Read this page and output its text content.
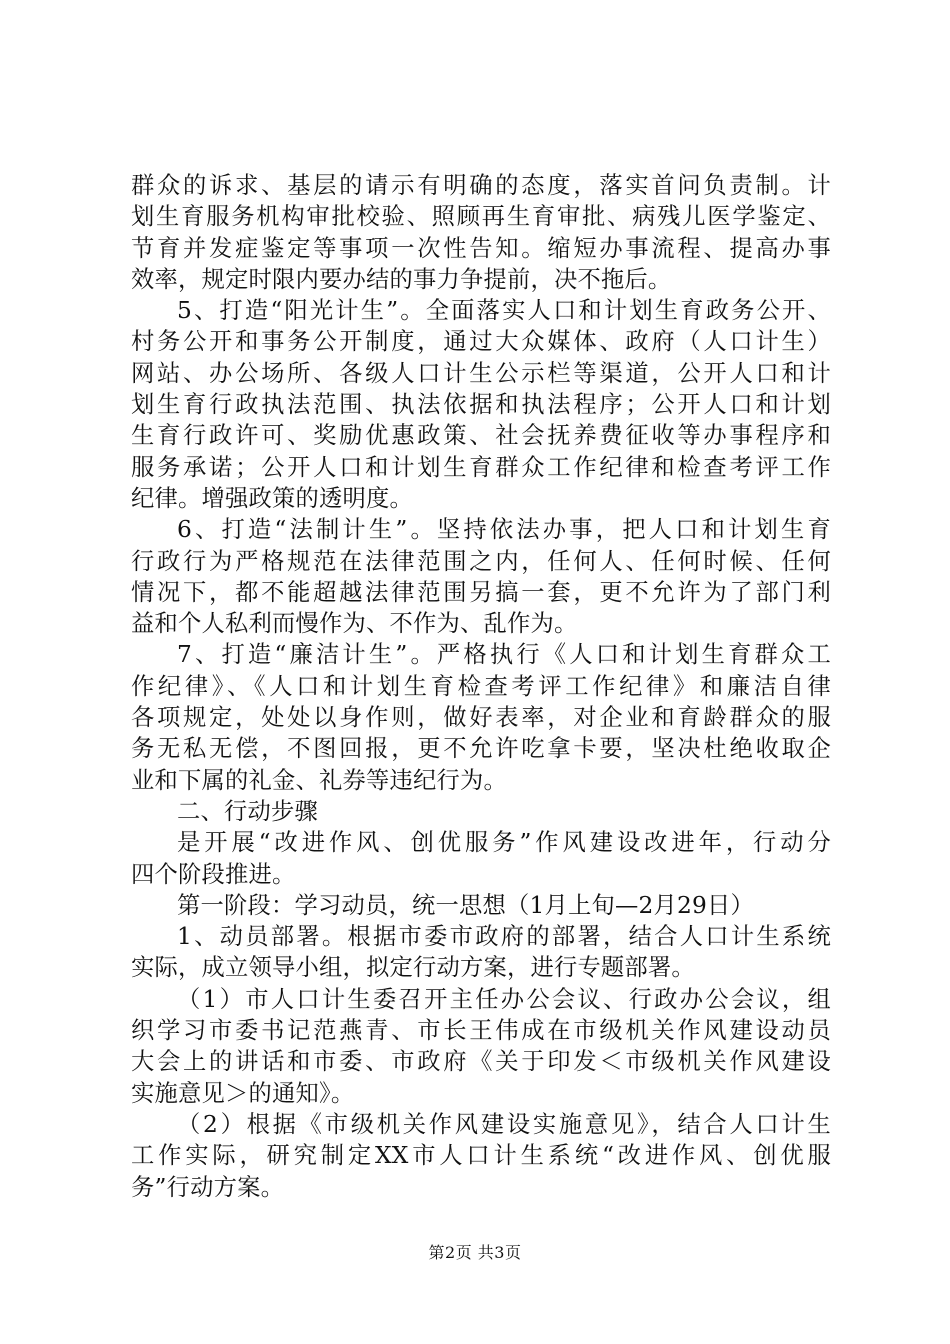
群众的诉求、基层的请示有明确的态度，落实首问负责制。计
划生育服务机构审批校验、照顾再生育审批、病残儿医学鉴定、
节育并发症鉴定等事项一次性告知。缩短办事流程、提高办事
效率，规定时限内要办结的事力争提前，决不拖后。
5、打造“阳光计生”。全面落实人口和计划生育政务公开、
村务公开和事务公开制度，通过大众媒体、政府（人口计生）
网站、办公场所、各级人口计生公示栏等渠道，公开人口和计
划生育行政执法范围、执法依据和执法程序；公开人口和计划
生育行政许可、奖励优惠政策、社会抚养费征收等办事程序和
服务承诺；公开人口和计划生育群众工作纪律和检查考评工作
纪律。增强政策的透明度。
6、打造“法制计生”。坚持依法办事，把人口和计划生育
行政行为严格规范在法律范围之内，任何人、任何时候、任何
情况下，都不能超越法律范围另搞一套，更不允许为了部门利
益和个人私利而慢作为、不作为、乱作为。
7、打造“廉洁计生”。严格执行《人口和计划生育群众工
作纪律》、《人口和计划生育检查考评工作纪律》和廉洁自律
各项规定，处处以身作则，做好表率，对企业和育龄群众的服
务无私无偿，不图回报，更不允许吃拿卡要，坚决杜绝收取企
业和下属的礼金、礼券等违纪行为。
二、行动步骤
是开展“改进作风、创优服务”作风建设改进年，行动分
四个阶段推进。
第一阶段：学习动员，统一思想（1月上旬—2月29日）
1、动员部署。根据市委市政府的部署，结合人口计生系统
实际，成立领导小组，拟定行动方案，进行专题部署。
（1）市人口计生委召开主任办公会议、行政办公会议，组
织学习市委书记范燕青、市长王伟成在市级机关作风建设动员
大会上的讲话和市委、市政府《关于印发＜市级机关作风建设
实施意见＞的通知》。
（2）根据《市级机关作风建设实施意见》，结合人口计生
工作实际，研究制定XX市人口计生系统“改进作风、创优服
务”行动方案。
第2页 共3页
